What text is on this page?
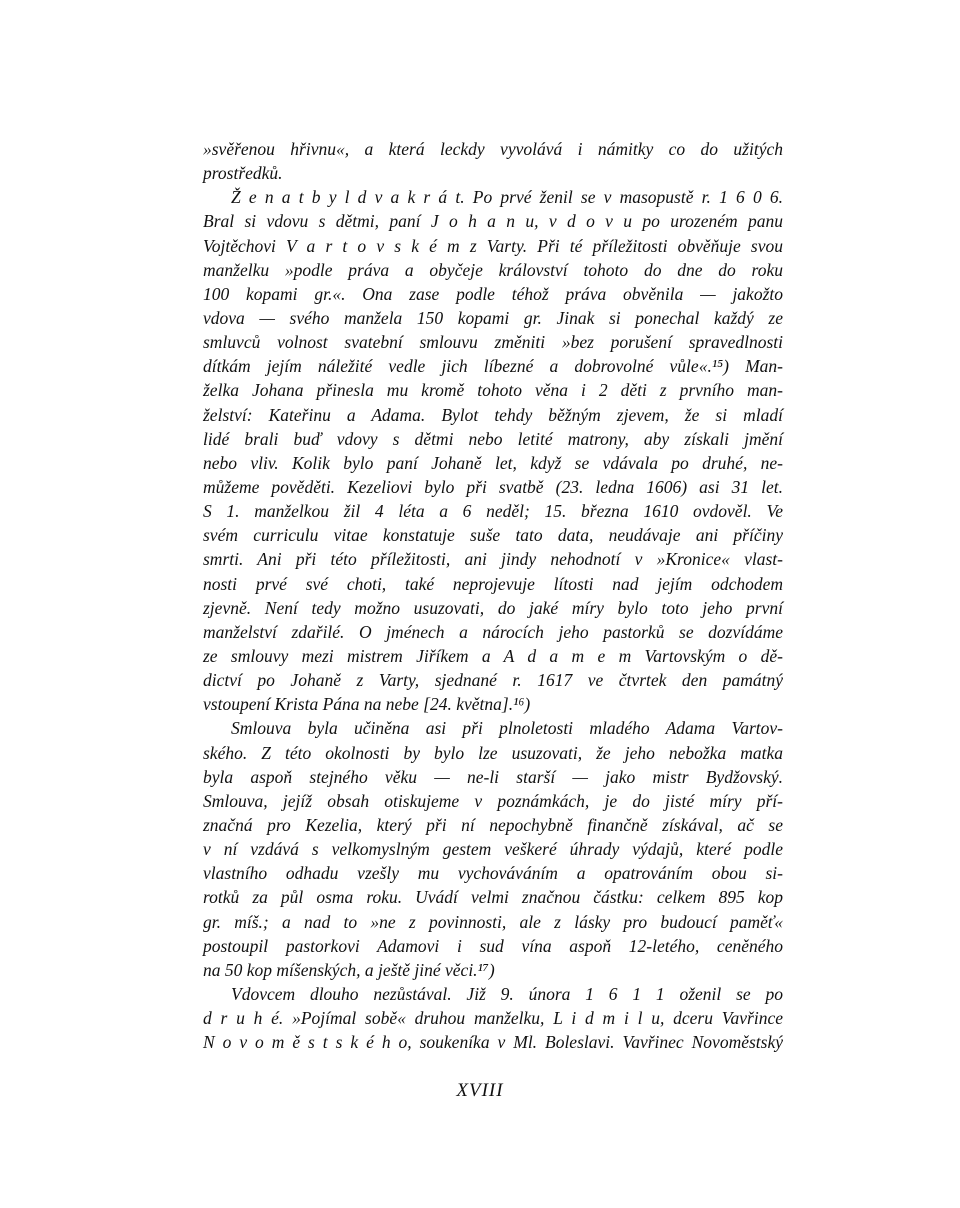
»svěřenou hřivnu«, a která leckdy vyvolává i námitky co do užitých
prostředků.
Ž e n a t b y l d v a k r á t. Po prvé ženil se v masopustě r. 1 6 0 6.
Bral si vdovu s dětmi, paní J o h a n u, v d o v u po urozeném panu
Vojtěchovi V a r t o v s k é m z Varty. Při té příležitosti obvěňuje svou
manželku »podle práva a obyčeje království tohoto do dne do roku
100 kopami gr.«. Ona zase podle téhož práva obvěnila — jakožto
vdova — svého manžela 150 kopami gr. Jinak si ponechal každý ze
smluvců volnost svatební smlouvu změniti »bez porušení spravedlnosti
dítkám jejím náležité vedle jich líbezné a dobrovolné vůle«.¹⁵) Man-
želka Johana přinesla mu kromě tohoto věna i 2 děti z prvního man-
želství: Kateřinu a Adama. Bylot tehdy běžným zjevem, že si mladí
lidé brali buď vdovy s dětmi nebo letité matrony, aby získali jmění
nebo vliv. Kolik bylo paní Johaně let, když se vdávala po druhé, ne-
můžeme pověděti. Kezeliovi bylo při svatbě (23. ledna 1606) asi 31 let.
S 1. manželkou žil 4 léta a 6 neděl; 15. března 1610 ovdověl. Ve
svém curriculu vitae konstatuje suše tato data, neudávaje ani příčiny
smrti. Ani při této příležitosti, ani jindy nehodnotí v »Kronice« vlast-
nosti prvé své choti, také neprojevuje lítosti nad jejím odchodem
zjevně. Není tedy možno usuzovati, do jaké míry bylo toto jeho první
manželství zdařilé. O jménech a nárocích jeho pastorků se dozvídáme
ze smlouvy mezi mistrem Jiříkem a A d a m e m Vartovským o dě-
dictví po Johaně z Varty, sjednané r. 1617 ve čtvrtek den památný
vstoupení Krista Pána na nebe [24. května].¹⁶)
Smlouva byla učiněna asi při plnoletosti mladého Adama Vartov-
ského. Z této okolnosti by bylo lze usuzovati, že jeho nebožka matka
byla aspoň stejného věku — ne-li starší — jako mistr Bydžovský.
Smlouva, jejíž obsah otiskujeme v poznámkách, je do jisté míry pří-
značná pro Kezelia, který při ní nepochybně finančně získával, ač se
v ní vzdává s velkomyslným gestem veškeré úhrady výdajů, které podle
vlastního odhadu vzešly mu vychováváním a opatrováním obou si-
rotků za půl osma roku. Uvádí velmi značnou částku: celkem 895 kop
gr. míš.; a nad to »ne z povinnosti, ale z lásky pro budoucí paměť«
postoupil pastorkovi Adamovi i sud vína aspoň 12-letého, ceněného
na 50 kop míšenských, a ještě jiné věci.¹⁷)
Vdovcem dlouho nezůstával. Již 9. února 1 6 1 1 oženil se po
d r u h é. »Pojímal sobě« druhou manželku, L i d m i l u, dceru Vavřince
N o v o m ě s t s k é h o, soukeníka v Ml. Boleslavi. Vavřinec Novoměstský
XVIII
